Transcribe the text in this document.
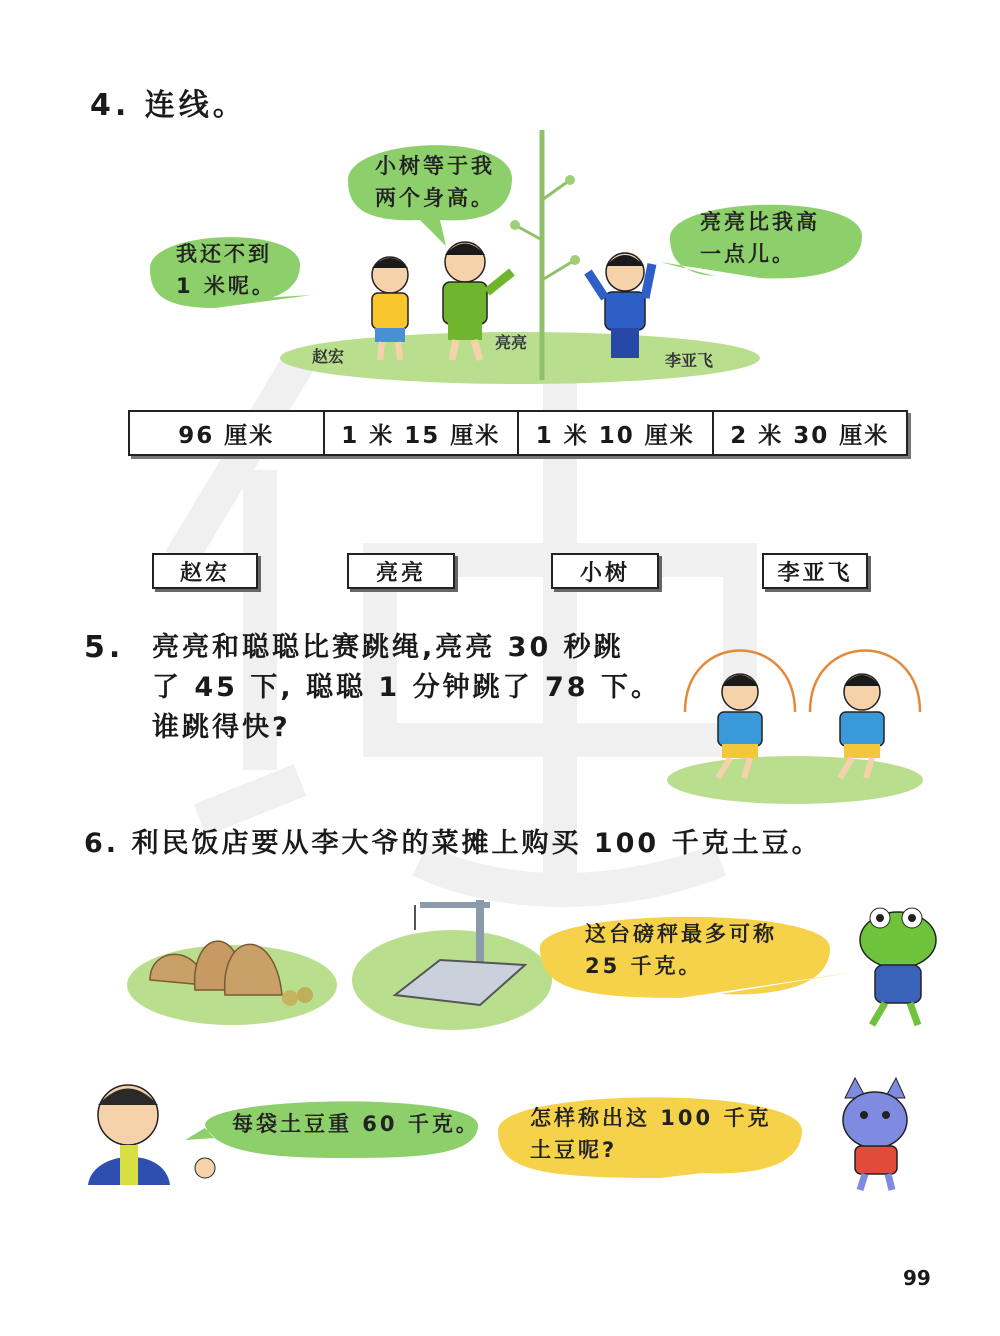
4. 连线。
我还不到
1 米呢。
小树等于我
两个身高。
亮亮比我高
一点儿。
赵宏
亮亮
李亚飞
96 厘米	1 米 15 厘米	1 米 10 厘米	2 米 30 厘米
赵宏	亮亮	小树	李亚飞
5. 亮亮和聪聪比赛跳绳,亮亮 30 秒跳
了 45 下, 聪聪 1 分钟跳了 78 下。
谁跳得快?
6. 利民饭店要从李大爷的菜摊上购买 100 千克土豆。
这台磅秤最多可称
25 千克。
每袋土豆重 60 千克。 怎样称出这 100 千克
土豆呢?
99
